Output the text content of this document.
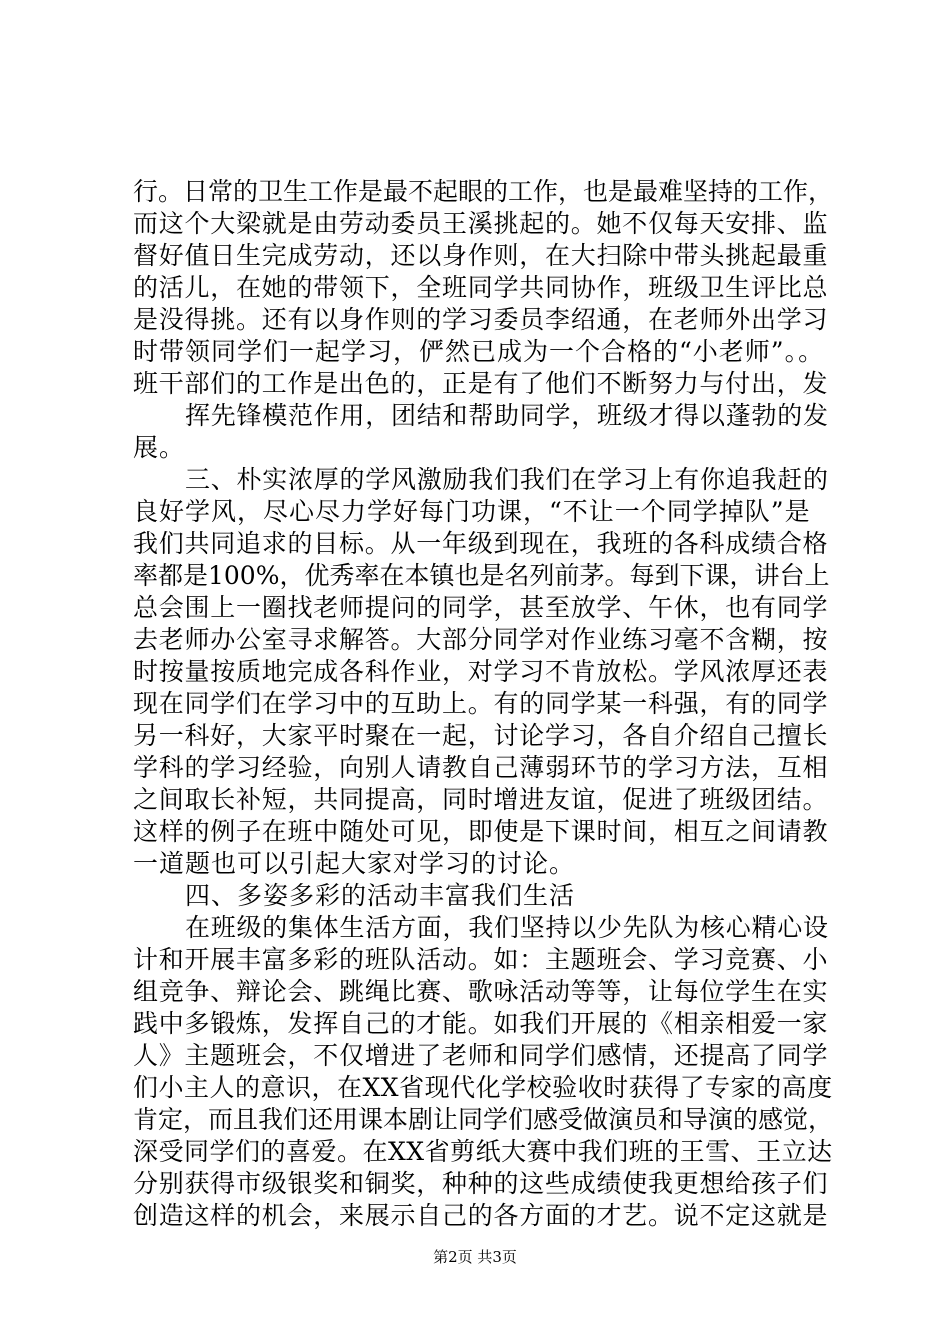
行。日常的卫生工作是最不起眼的工作，也是最难坚持的工作，
而这个大梁就是由劳动委员王溪挑起的。她不仅每天安排、监
督好值日生完成劳动，还以身作则，在大扫除中带头挑起最重
的活儿，在她的带领下，全班同学共同协作，班级卫生评比总
是没得挑。还有以身作则的学习委员李绍通，在老师外出学习
时带领同学们一起学习，俨然已成为一个合格的“小老师”。。
班干部们的工作是出色的，正是有了他们不断努力与付出，发
挥先锋模范作用，团结和帮助同学，班级才得以蓬勃的发
展。
三、朴实浓厚的学风激励我们我们在学习上有你追我赶的
良好学风，尽心尽力学好每门功课，“不让一个同学掉队”是
我们共同追求的目标。从一年级到现在，我班的各科成绩合格
率都是100%，优秀率在本镇也是名列前茅。每到下课，讲台上
总会围上一圈找老师提问的同学，甚至放学、午休，也有同学
去老师办公室寻求解答。大部分同学对作业练习毫不含糊，按
时按量按质地完成各科作业，对学习不肯放松。学风浓厚还表
现在同学们在学习中的互助上。有的同学某一科强，有的同学
另一科好，大家平时聚在一起，讨论学习，各自介绍自己擅长
学科的学习经验，向别人请教自己薄弱环节的学习方法，互相
之间取长补短，共同提高，同时增进友谊，促进了班级团结。
这样的例子在班中随处可见，即使是下课时间，相互之间请教
一道题也可以引起大家对学习的讨论。
四、多姿多彩的活动丰富我们生活
在班级的集体生活方面，我们坚持以少先队为核心精心设
计和开展丰富多彩的班队活动。如：主题班会、学习竞赛、小
组竞争、辩论会、跳绳比赛、歌咏活动等等，让每位学生在实
践中多锻炼，发挥自己的才能。如我们开展的《相亲相爱一家
人》主题班会，不仅增进了老师和同学们感情，还提高了同学
们小主人的意识，在XX省现代化学校验收时获得了专家的高度
肯定，而且我们还用课本剧让同学们感受做演员和导演的感觉，
深受同学们的喜爱。在XX省剪纸大赛中我们班的王雪、王立达
分别获得市级银奖和铜奖，种种的这些成绩使我更想给孩子们
创造这样的机会，来展示自己的各方面的才艺。说不定这就是
第2页 共3页
